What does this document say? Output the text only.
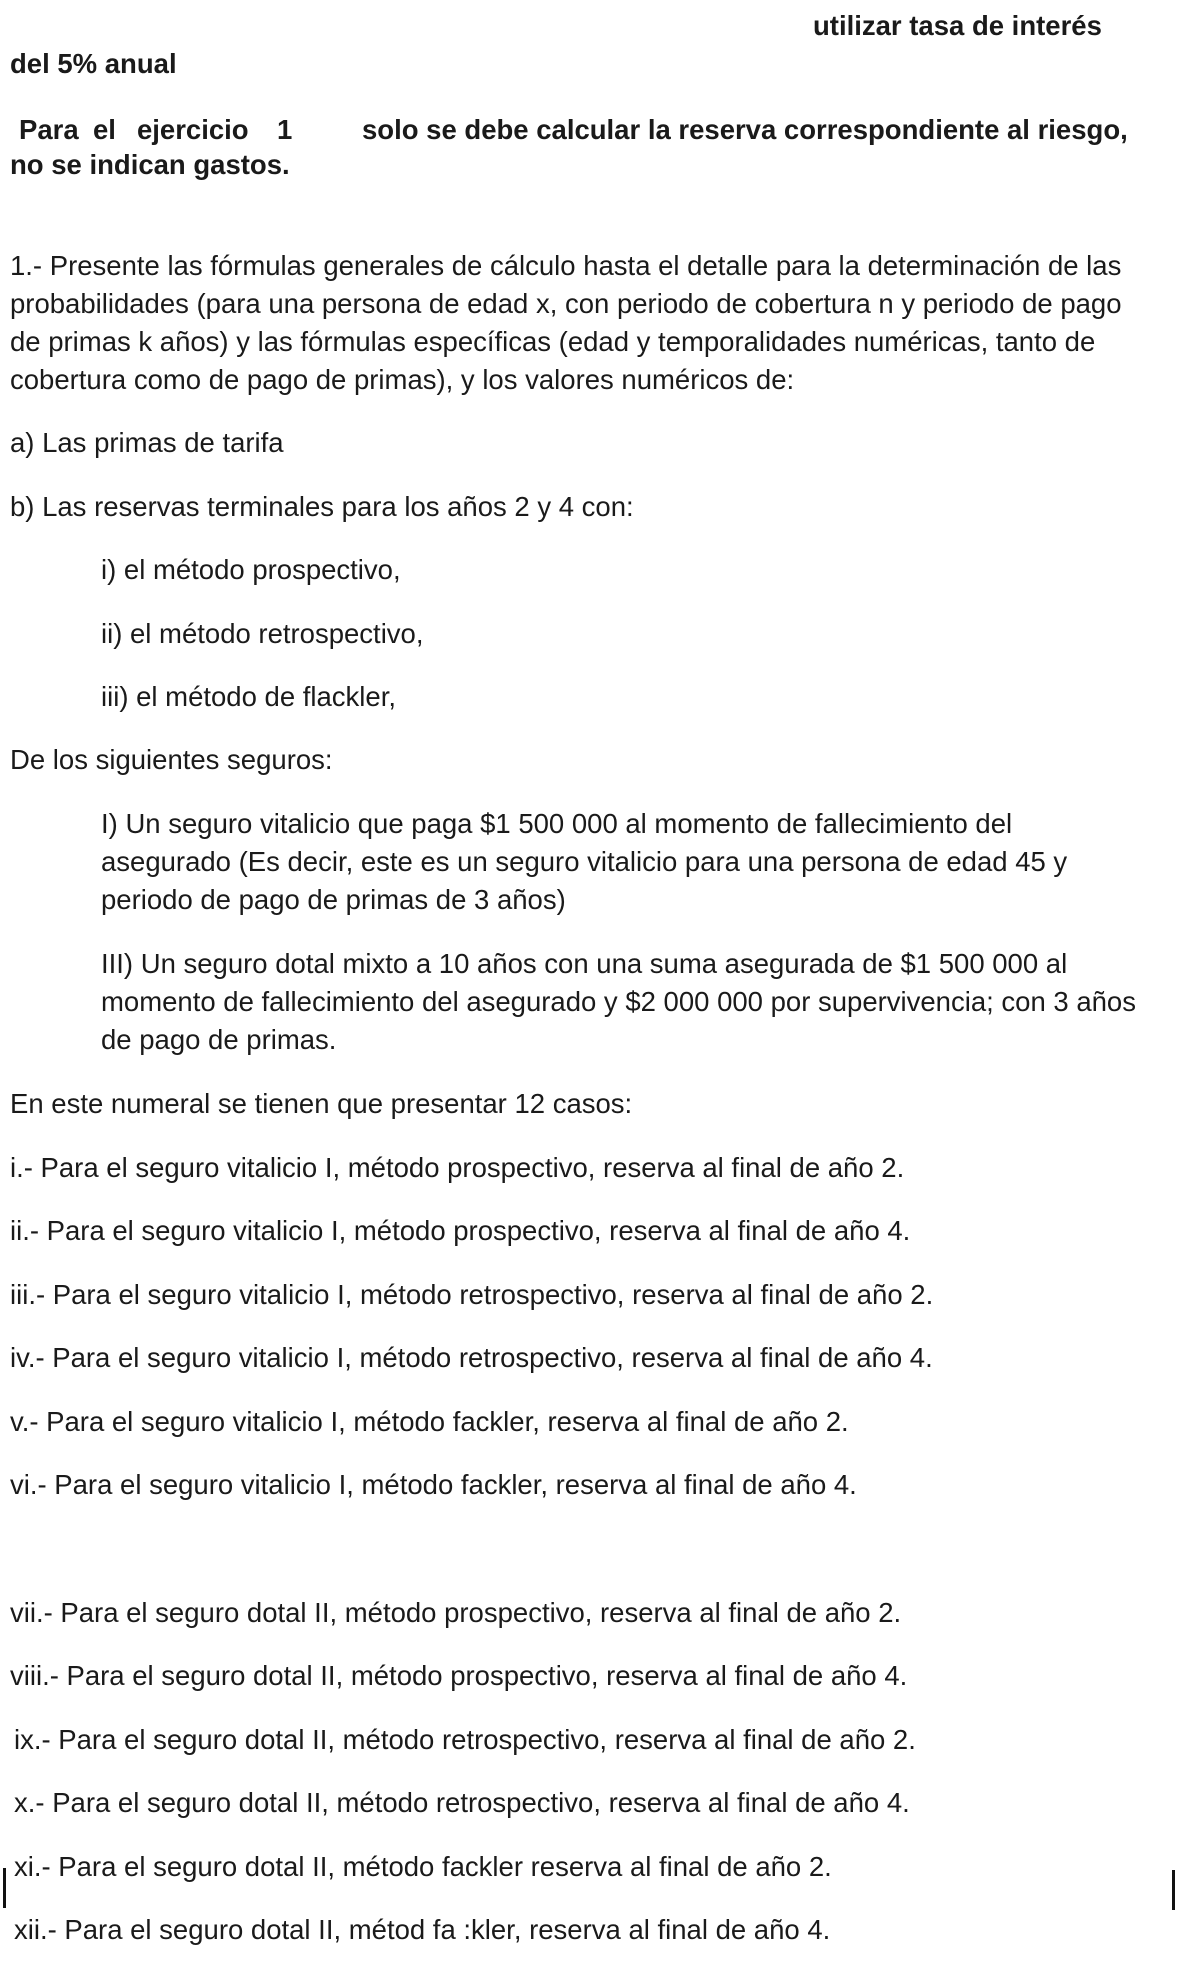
utilizar tasa de interés
del 5% anual
Para el ejercicio 1	solo se debe calcular la reserva correspondiente al riesgo,
no se indican gastos.
1.- Presente las fórmulas generales de cálculo hasta el detalle para la determinación de las
probabilidades (para una persona de edad x, con periodo de cobertura n y periodo de pago
de primas k años) y las fórmulas específicas (edad y temporalidades numéricas, tanto de
cobertura como de pago de primas), y los valores numéricos de:
a) Las primas de tarifa
b) Las reservas terminales para los años 2 y 4 con:
i) el método prospectivo,
ii) el método retrospectivo,
iii) el método de flackler,
De los siguientes seguros:
I) Un seguro vitalicio que paga $1 500 000 al momento de fallecimiento del
asegurado (Es decir, este es un seguro vitalicio para una persona de edad 45 y
periodo de pago de primas de 3 años)
III) Un seguro dotal mixto a 10 años con una suma asegurada de $1 500 000 al
momento de fallecimiento del asegurado y $2 000 000 por supervivencia; con 3 años
de pago de primas.
En este numeral se tienen que presentar 12 casos:
i.- Para el seguro vitalicio I, método prospectivo, reserva al final de año 2.
ii.- Para el seguro vitalicio I, método prospectivo, reserva al final de año 4.
iii.- Para el seguro vitalicio I, método retrospectivo, reserva al final de año 2.
iv.- Para el seguro vitalicio I, método retrospectivo, reserva al final de año 4.
v.- Para el seguro vitalicio I, método fackler, reserva al final de año 2.
vi.- Para el seguro vitalicio I, método fackler, reserva al final de año 4.
vii.- Para el seguro dotal II, método prospectivo, reserva al final de año 2.
viii.- Para el seguro dotal II, método prospectivo, reserva al final de año 4.
ix.- Para el seguro dotal II, método retrospectivo, reserva al final de año 2.
x.- Para el seguro dotal II, método retrospectivo, reserva al final de año 4.
xi.- Para el seguro dotal II, método fackler reserva al final de año 2.
xii.- Para el seguro dotal II, métod fa :kler, reserva al final de año 4.
